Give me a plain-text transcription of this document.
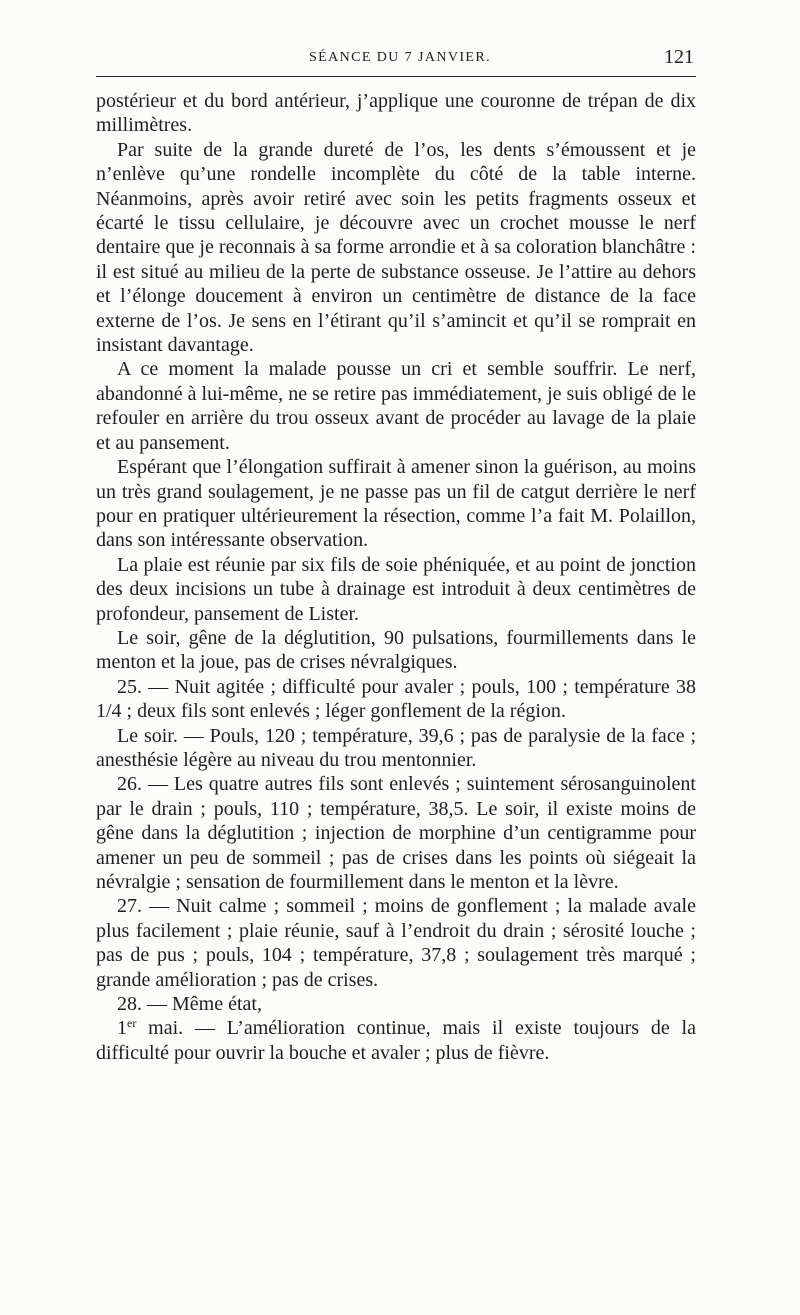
SÉANCE DU 7 JANVIER.	121

postérieur et du bord antérieur, j’applique une couronne de trépan de dix millimètres.

Par suite de la grande dureté de l’os, les dents s’émoussent et je n’enlève qu’une rondelle incomplète du côté de la table interne. Néanmoins, après avoir retiré avec soin les petits fragments osseux et écarté le tissu cellulaire, je découvre avec un crochet mousse le nerf dentaire que je reconnais à sa forme arrondie et à sa coloration blanchâtre : il est situé au milieu de la perte de substance osseuse. Je l’attire au dehors et l’élonge doucement à environ un centimètre de distance de la face externe de l’os. Je sens en l’étirant qu’il s’amincit et qu’il se romprait en insistant davantage.

A ce moment la malade pousse un cri et semble souffrir. Le nerf, abandonné à lui-même, ne se retire pas immédiatement, je suis obligé de le refouler en arrière du trou osseux avant de procéder au lavage de la plaie et au pansement.

Espérant que l’élongation suffirait à amener sinon la guérison, au moins un très grand soulagement, je ne passe pas un fil de catgut derrière le nerf pour en pratiquer ultérieurement la résection, comme l’a fait M. Polaillon, dans son intéressante observation.

La plaie est réunie par six fils de soie phéniquée, et au point de jonction des deux incisions un tube à drainage est introduit à deux centimètres de profondeur, pansement de Lister.

Le soir, gêne de la déglutition, 90 pulsations, fourmillements dans le menton et la joue, pas de crises névralgiques.

25. — Nuit agitée ; difficulté pour avaler ; pouls, 100 ; température 38 1/4 ; deux fils sont enlevés ; léger gonflement de la région.

Le soir. — Pouls, 120 ; température, 39,6 ; pas de paralysie de la face ; anesthésie légère au niveau du trou mentonnier.

26. — Les quatre autres fils sont enlevés ; suintement sérosanguinolent par le drain ; pouls, 110 ; température, 38,5. Le soir, il existe moins de gêne dans la déglutition ; injection de morphine d’un centigramme pour amener un peu de sommeil ; pas de crises dans les points où siégeait la névralgie ; sensation de fourmillement dans le menton et la lèvre.

27. — Nuit calme ; sommeil ; moins de gonflement ; la malade avale plus facilement ; plaie réunie, sauf à l’endroit du drain ; sérosité louche ; pas de pus ; pouls, 104 ; température, 37,8 ; soulagement très marqué ; grande amélioration ; pas de crises.

28. — Même état,

1er mai. — L’amélioration continue, mais il existe toujours de la difficulté pour ouvrir la bouche et avaler ; plus de fièvre.
